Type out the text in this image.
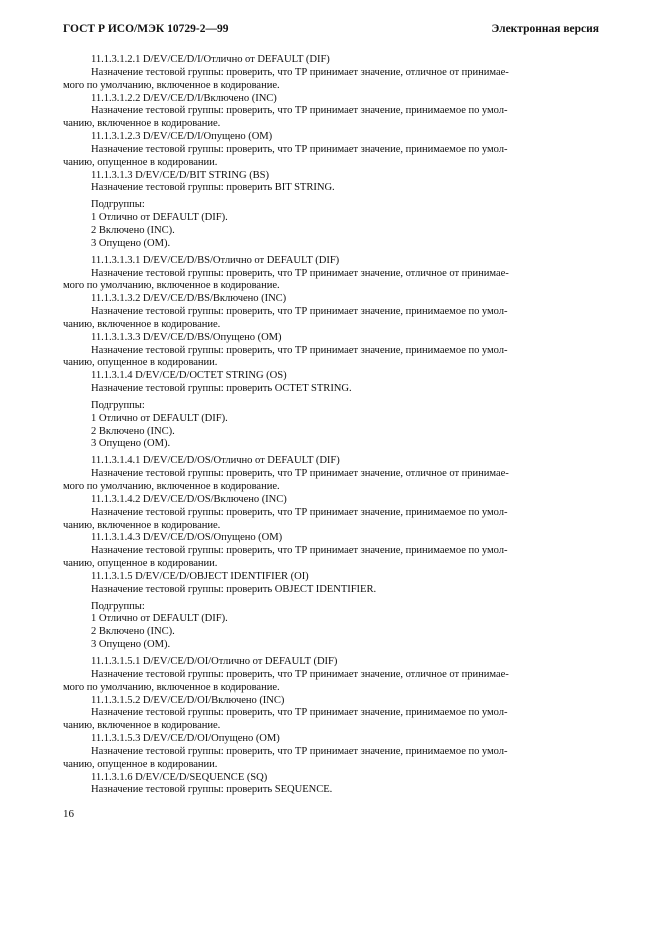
ГОСТ Р ИСО/МЭК 10729-2—99	Электронная версия
11.1.3.1.2.1 D/EV/CE/D/I/Отлично от DEFAULT (DIF)
Назначение тестовой группы: проверить, что ТР принимает значение, отличное от принимае-
мого по умолчанию, включенное в кодирование.
11.1.3.1.2.2 D/EV/CE/D/I/Включено (INC)
Назначение тестовой группы: проверить, что ТР принимает значение, принимаемое по умол-
чанию, включенное в кодирование.
11.1.3.1.2.3 D/EV/CE/D/I/Опущено (OM)
Назначение тестовой группы: проверить, что ТР принимает значение, принимаемое по умол-
чанию, опущенное в кодировании.
11.1.3.1.3 D/EV/CE/D/BIT STRING (BS)
Назначение тестовой группы: проверить BIT STRING.
Подгруппы:
1 Отлично от DEFAULT (DIF).
2 Включено (INC).
3 Опущено (OM).
11.1.3.1.3.1 D/EV/CE/D/BS/Отлично от DEFAULT (DIF)
Назначение тестовой группы: проверить, что ТР принимает значение, отличное от принимае-
мого по умолчанию, включенное в кодирование.
11.1.3.1.3.2 D/EV/CE/D/BS/Включено (INC)
Назначение тестовой группы: проверить, что ТР принимает значение, принимаемое по умол-
чанию, включенное в кодирование.
11.1.3.1.3.3 D/EV/CE/D/BS/Опущено (OM)
Назначение тестовой группы: проверить, что ТР принимает значение, принимаемое по умол-
чанию, опущенное в кодировании.
11.1.3.1.4 D/EV/CE/D/OCTET STRING (OS)
Назначение тестовой группы: проверить OCTET STRING.
Подгруппы:
1 Отлично от DEFAULT (DIF).
2 Включено (INC).
3 Опущено (OM).
11.1.3.1.4.1 D/EV/CE/D/OS/Отлично от DEFAULT (DIF)
Назначение тестовой группы: проверить, что ТР принимает значение, отличное от принимае-
мого по умолчанию, включенное в кодирование.
11.1.3.1.4.2 D/EV/CE/D/OS/Включено (INC)
Назначение тестовой группы: проверить, что ТР принимает значение, принимаемое по умол-
чанию, включенное в кодирование.
11.1.3.1.4.3 D/EV/CE/D/OS/Опущено (OM)
Назначение тестовой группы: проверить, что ТР принимает значение, принимаемое по умол-
чанию, опущенное в кодировании.
11.1.3.1.5 D/EV/CE/D/OBJECT IDENTIFIER (OI)
Назначение тестовой группы: проверить OBJECT IDENTIFIER.
Подгруппы:
1 Отлично от DEFAULT (DIF).
2 Включено (INC).
3 Опущено (OM).
11.1.3.1.5.1 D/EV/CE/D/OI/Отлично от DEFAULT (DIF)
Назначение тестовой группы: проверить, что ТР принимает значение, отличное от принимае-
мого по умолчанию, включенное в кодирование.
11.1.3.1.5.2 D/EV/CE/D/OI/Включено (INC)
Назначение тестовой группы: проверить, что ТР принимает значение, принимаемое по умол-
чанию, включенное в кодирование.
11.1.3.1.5.3 D/EV/CE/D/OI/Опущено (OM)
Назначение тестовой группы: проверить, что ТР принимает значение, принимаемое по умол-
чанию, опущенное в кодировании.
11.1.3.1.6 D/EV/CE/D/SEQUENCE (SQ)
Назначение тестовой группы: проверить SEQUENCE.
16
